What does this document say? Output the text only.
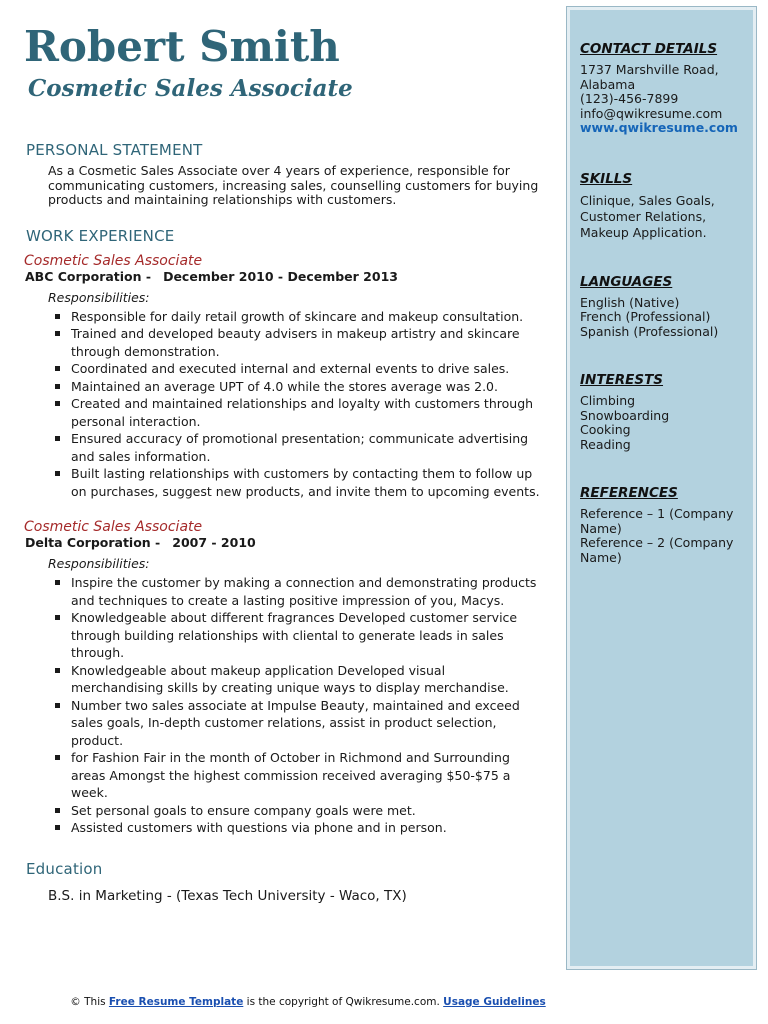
Robert Smith
Cosmetic Sales Associate
PERSONAL STATEMENT
As a Cosmetic Sales Associate over 4 years of experience, responsible for communicating customers, increasing sales, counselling customers for buying products and maintaining relationships with customers.
WORK EXPERIENCE
Cosmetic Sales Associate
ABC Corporation - December 2010 - December 2013
Responsibilities:
Responsible for daily retail growth of skincare and makeup consultation.
Trained and developed beauty advisers in makeup artistry and skincare through demonstration.
Coordinated and executed internal and external events to drive sales.
Maintained an average UPT of 4.0 while the stores average was 2.0.
Created and maintained relationships and loyalty with customers through personal interaction.
Ensured accuracy of promotional presentation; communicate advertising and sales information.
Built lasting relationships with customers by contacting them to follow up on purchases, suggest new products, and invite them to upcoming events.
Cosmetic Sales Associate
Delta Corporation - 2007 - 2010
Responsibilities:
Inspire the customer by making a connection and demonstrating products and techniques to create a lasting positive impression of you, Macys.
Knowledgeable about different fragrances Developed customer service through building relationships with cliental to generate leads in sales through.
Knowledgeable about makeup application Developed visual merchandising skills by creating unique ways to display merchandise.
Number two sales associate at Impulse Beauty, maintained and exceed sales goals, In-depth customer relations, assist in product selection, product.
for Fashion Fair in the month of October in Richmond and Surrounding areas Amongst the highest commission received averaging $50-$75 a week.
Set personal goals to ensure company goals were met.
Assisted customers with questions via phone and in person.
Education
B.S. in Marketing - (Texas Tech University - Waco, TX)
CONTACT DETAILS
1737 Marshville Road,
Alabama
(123)-456-7899
info@qwikresume.com
www.qwikresume.com
SKILLS
Clinique, Sales Goals,
Customer Relations,
Makeup Application.
LANGUAGES
English (Native)
French (Professional)
Spanish (Professional)
INTERESTS
Climbing
Snowboarding
Cooking
Reading
REFERENCES
Reference – 1 (Company Name)
Reference – 2 (Company Name)
© This Free Resume Template is the copyright of Qwikresume.com. Usage Guidelines
